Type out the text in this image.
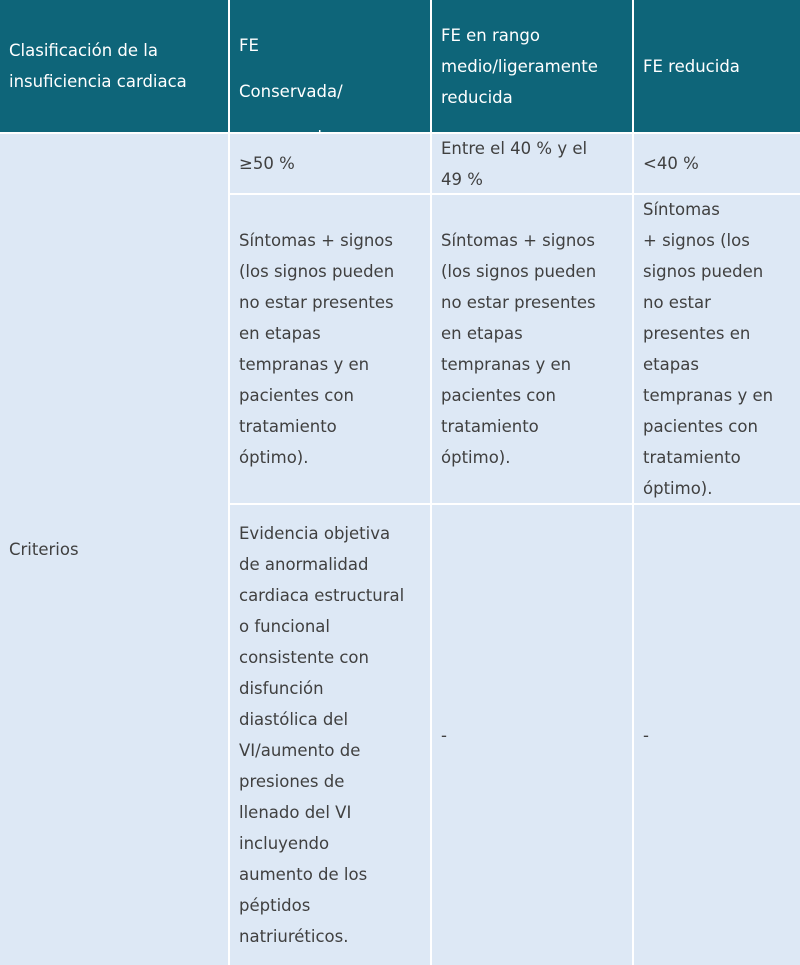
Clasificación de la
insuficiencia cardiaca

FE
Conservada/

FE en rango
medio/ligeramente
reducida
FE reducida
Criterios
≥50 %
Entre el 40 % y el
49 %
<40 %
Síntomas + signos
(los signos pueden
no estar presentes
en etapas
tempranas y en
pacientes con
tratamiento
óptimo).
Síntomas + signos
(los signos pueden
no estar presentes
en etapas
tempranas y en
pacientes con
tratamiento
óptimo).
Síntomas
+ signos (los
signos pueden
no estar
presentes en
etapas
tempranas y en
pacientes con
tratamiento
óptimo).
Evidencia objetiva
de anormalidad
cardiaca estructural
o funcional
consistente con
disfunción
diastólica del
VI/aumento de
presiones de
llenado del VI
incluyendo
aumento de los
péptidos
natriuréticos.
-	-
